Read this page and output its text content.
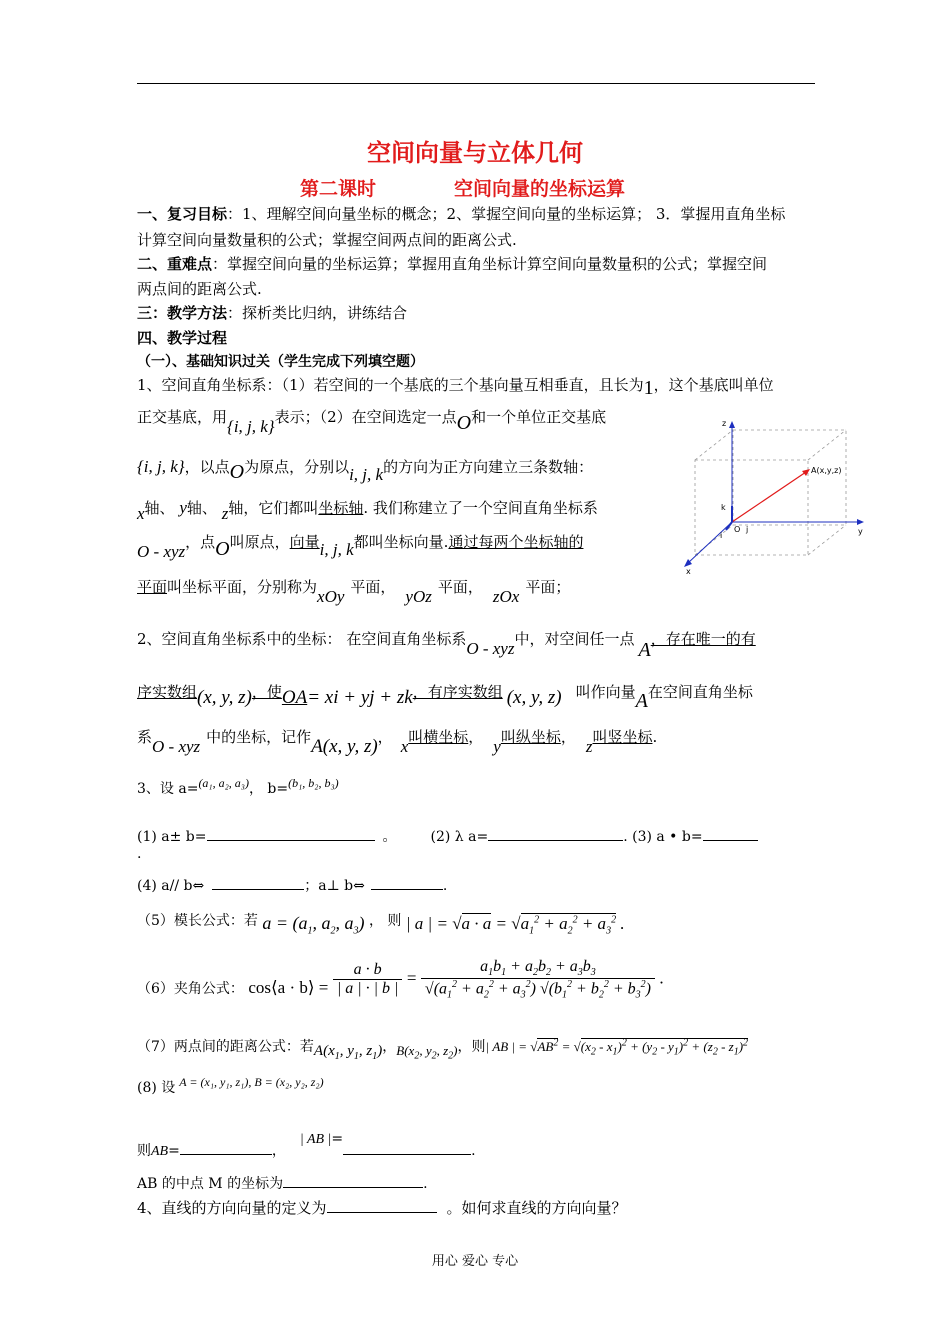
空间向量与立体几何
第二课时	空间向量的坐标运算
一、复习目标：1、理解空间向量坐标的概念；2、掌握空间向量的坐标运算； 3．掌握用直角坐标
计算空间向量数量积的公式；掌握空间两点间的距离公式.
二、重难点：掌握空间向量的坐标运算；掌握用直角坐标计算空间向量数量积的公式；掌握空间
两点间的距离公式.
三：教学方法：探析类比归纳，讲练结合
四、教学过程
（一）、基础知识过关（学生完成下列填空题）
1、空间直角坐标系：（1）若空间的一个基底的三个基向量互相垂直，且长为1，这个基底叫单位
正交基底，用{i, j, k}表示；（2）在空间选定一点O和一个单位正交基底
{i, j, k}，以点O为原点，分别以i, j, k的方向为正方向建立三条数轴：
x轴、 y轴、 z轴，它们都叫坐标轴. 我们称建立了一个空间直角坐标系
O - xyz，点O叫原点，向量i, j, k都叫坐标向量.通过每两个坐标轴的
平面叫坐标平面，分别称为xOy 平面， yOz 平面， zOx 平面；
z
y
x
A(x,y,z)
k
O j
i
2、空间直角坐标系中的坐标： 在空间直角坐标系O - xyz中，对空间任一点 A，存在唯一的有
序实数组(x, y, z)，使OA= xi + yj + zk，有序实数组 (x, y, z) 叫作向量A在空间直角坐标
系O - xyz 中的坐标，记作A(x, y, z)， x叫横坐标， y叫纵坐标， z叫竖坐标.
3、设 a=(a₁, a₂, a₃)， b=(b₁, b₂, b₃)
(1) a± b=	。 (2) λ a=	. (3) a • b=
.
(4) a// b⇔	；a⊥ b⇔	.
（5）模长公式：若 $a = (a_1$, $a_2$, $a_3$) ， 则 | a | = $√a \cdot a = √a_1^2 + a_2^2 + a_3^2$ .
（6）夹角公式： cos⟨a · b⟩ = $\frac{a \cdot b}{| a | \cdot | b |} = \frac{a_1b_1 + a_2b_2 + a_3b_3}{√(a_1^2 + a_2^2 + a_3^2) √(b_1^2 + b_2^2 + b_3^2)}$ .
（7）两点间的距离公式：若$A(x_1$, $y_1$, $z_1$)，$B(x_2$, $y_2$, $z_2$)，则| AB | = $√AB^2 = √(x_2 - x_1)^2 + (y_2 - y_1)^2 + (z_2 - z_1)^2$
(8) 设 A = (x₁, y₁, z₁), B = (x₂, y₂, z₂)
则AB=	，| AB |=.
AB 的中点 M 的坐标为	.
4、直线的方向向量的定义为	。如何求直线的方向向量？
用心 爱心 专心
